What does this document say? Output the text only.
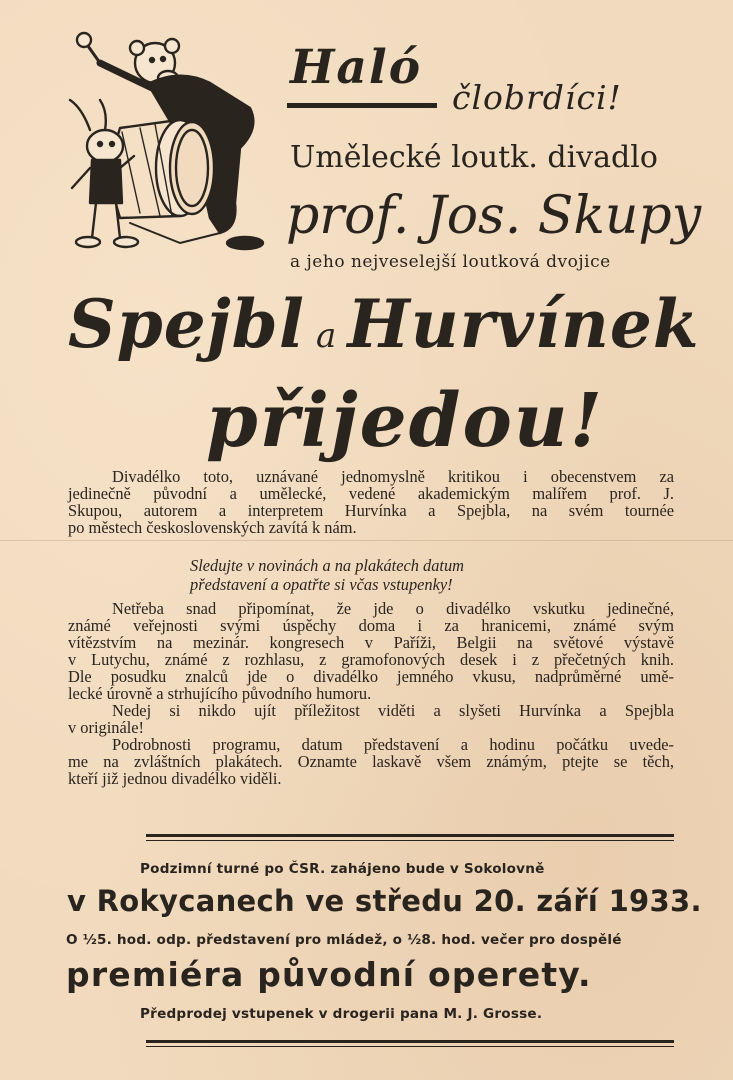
Haló
člobrdíci!
Umělecké loutk. divadlo
prof. Jos. Skupy
a jeho nejveselejší loutková dvojice
Spejbl a Hurvínek
přijedou!
Divadélko toto, uznávané jednomyslně kritikou i obecenstvem za
jedinečně původní a umělecké, vedené akademickým malířem prof. J.
Skupou, autorem a interpretem Hurvínka a Spejbla, na svém tournée
po městech československých zavítá k nám.
Sledujte v novinách a na plakátech datum
představení a opatřte si včas vstupenky!
Netřeba snad připomínat, že jde o divadélko vskutku jedinečné,
známé veřejnosti svými úspěchy doma i za hranicemi, známé svým
vítězstvím na mezinár. kongresech v Paříži, Belgii na světové výstavě
v Lutychu, známé z rozhlasu, z gramofonových desek i z přečetných knih.
Dle posudku znalců jde o divadélko jemného vkusu, nadprůměrné umě-
lecké úrovně a strhujícího původního humoru.
Nedej si nikdo ujít příležitost viděti a slyšeti Hurvínka a Spejbla
v originále!
Podrobnosti programu, datum představení a hodinu počátku uvede-
me na zvláštních plakátech. Oznamte laskavě všem známým, ptejte se těch,
kteří již jednou divadélko viděli.
Podzimní turné po ČSR. zahájeno bude v Sokolovně
v Rokycanech ve středu 20. září 1933.
O ½5. hod. odp. představení pro mládež, o ½8. hod. večer pro dospělé
premiéra původní operety.
Předprodej vstupenek v drogerii pana M. J. Grosse.
